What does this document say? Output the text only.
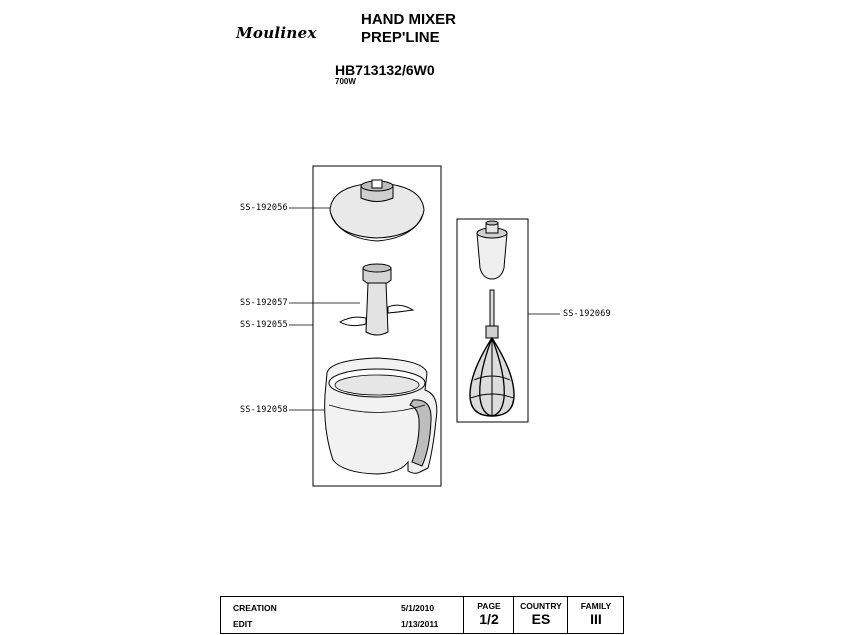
Moulinex
HAND MIXER
PREP'LINE
HB713132/6W0
700W
SS-192056
SS-192057
SS-192055
SS-192058
SS-192069
CREATION	5/1/2010
EDIT	1/13/2011
PAGE
1/2
COUNTRY
ES
FAMILY
III
